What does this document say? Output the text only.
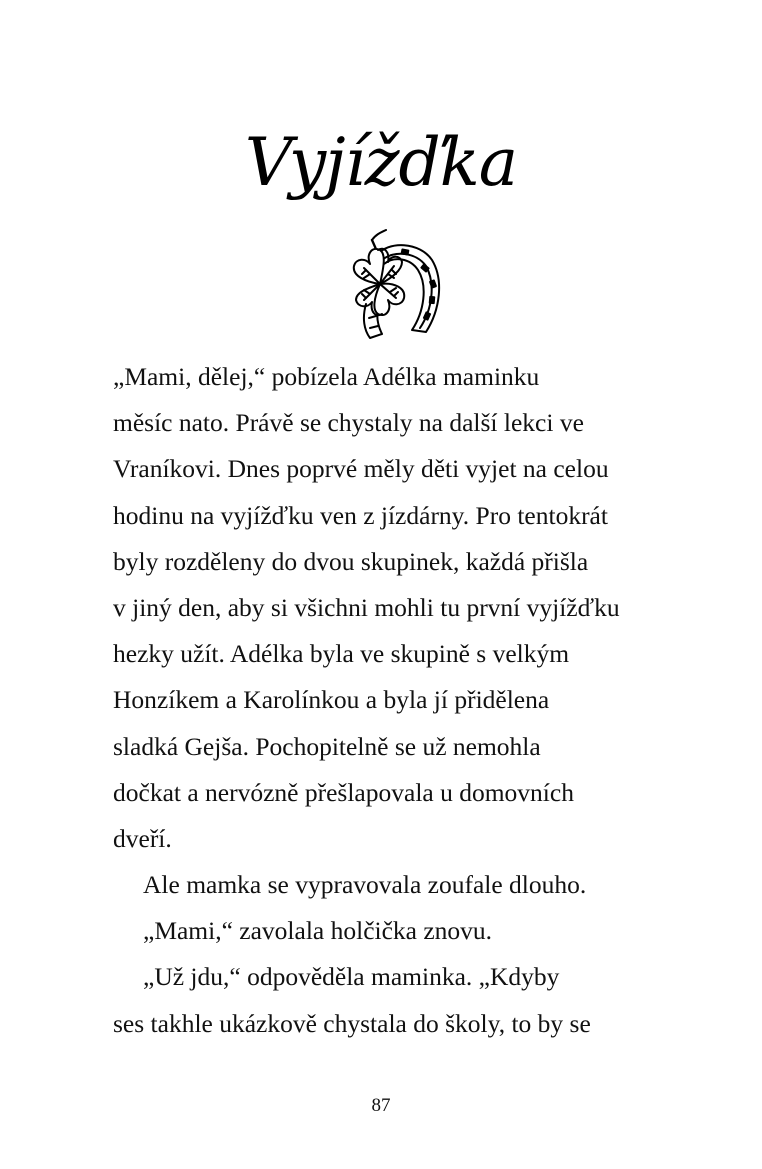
Vyjížďka
„Mami, dělej,“ pobízela Adélka maminku
měsíc nato. Právě se chystaly na další lekci ve
Vraníkovi. Dnes poprvé měly děti vyjet na celou
hodinu na vyjížďku ven z jízdárny. Pro tentokrát
byly rozděleny do dvou skupinek, každá přišla
v jiný den, aby si všichni mohli tu první vyjížďku
hezky užít. Adélka byla ve skupině s velkým
Honzíkem a Karolínkou a byla jí přidělena
sladká Gejša. Pochopitelně se už nemohla
dočkat a nervózně přešlapovala u domovních
dveří.
Ale mamka se vypravovala zoufale dlouho.
„Mami,“ zavolala holčička znovu.
„Už jdu,“ odpověděla maminka. „Kdyby
ses takhle ukázkově chystala do školy, to by se
87
